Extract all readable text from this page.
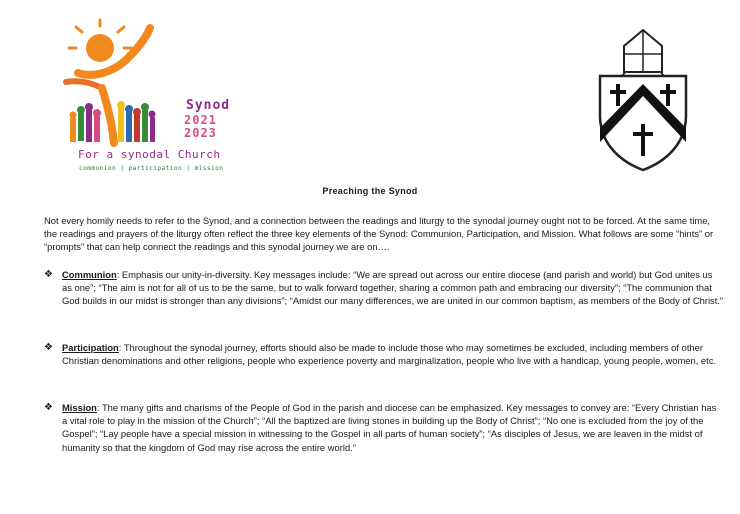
Synod
2021
2023
For a synodal Church
communion | participation | mission
Preaching the Synod

Not every homily needs to refer to the Synod, and a connection between the readings and liturgy to the synodal journey ought not to be forced. At the same time, the readings and prayers of the liturgy often reflect the three key elements of the Synod: Communion, Participation, and Mission. What follows are some “hints” or “prompts” that can help connect the readings and this synodal journey we are on….

❖ Communion: Emphasis our unity-in-diversity. Key messages include: “We are spread out across our entire diocese (and parish and world) but God unites us as one”; “The aim is not for all of us to be the same, but to walk forward together, sharing a common path and embracing our diversity”; “The communion that God builds in our midst is stronger than any divisions”; “Amidst our many differences, we are united in our common baptism, as members of the Body of Christ.”

❖ Participation: Throughout the synodal journey, efforts should also be made to include those who may sometimes be excluded, including members of other Christian denominations and other religions, people who experience poverty and marginalization, people who live with a handicap, young people, women, etc.

❖ Mission: The many gifts and charisms of the People of God in the parish and diocese can be emphasized. Key messages to convey are: “Every Christian has a vital role to play in the mission of the Church”; “All the baptized are living stones in building up the Body of Christ”; “No one is excluded from the joy of the Gospel”; “Lay people have a special mission in witnessing to the Gospel in all parts of human society”; “As disciples of Jesus, we are leaven in the midst of humanity so that the kingdom of God may rise across the entire world.”
